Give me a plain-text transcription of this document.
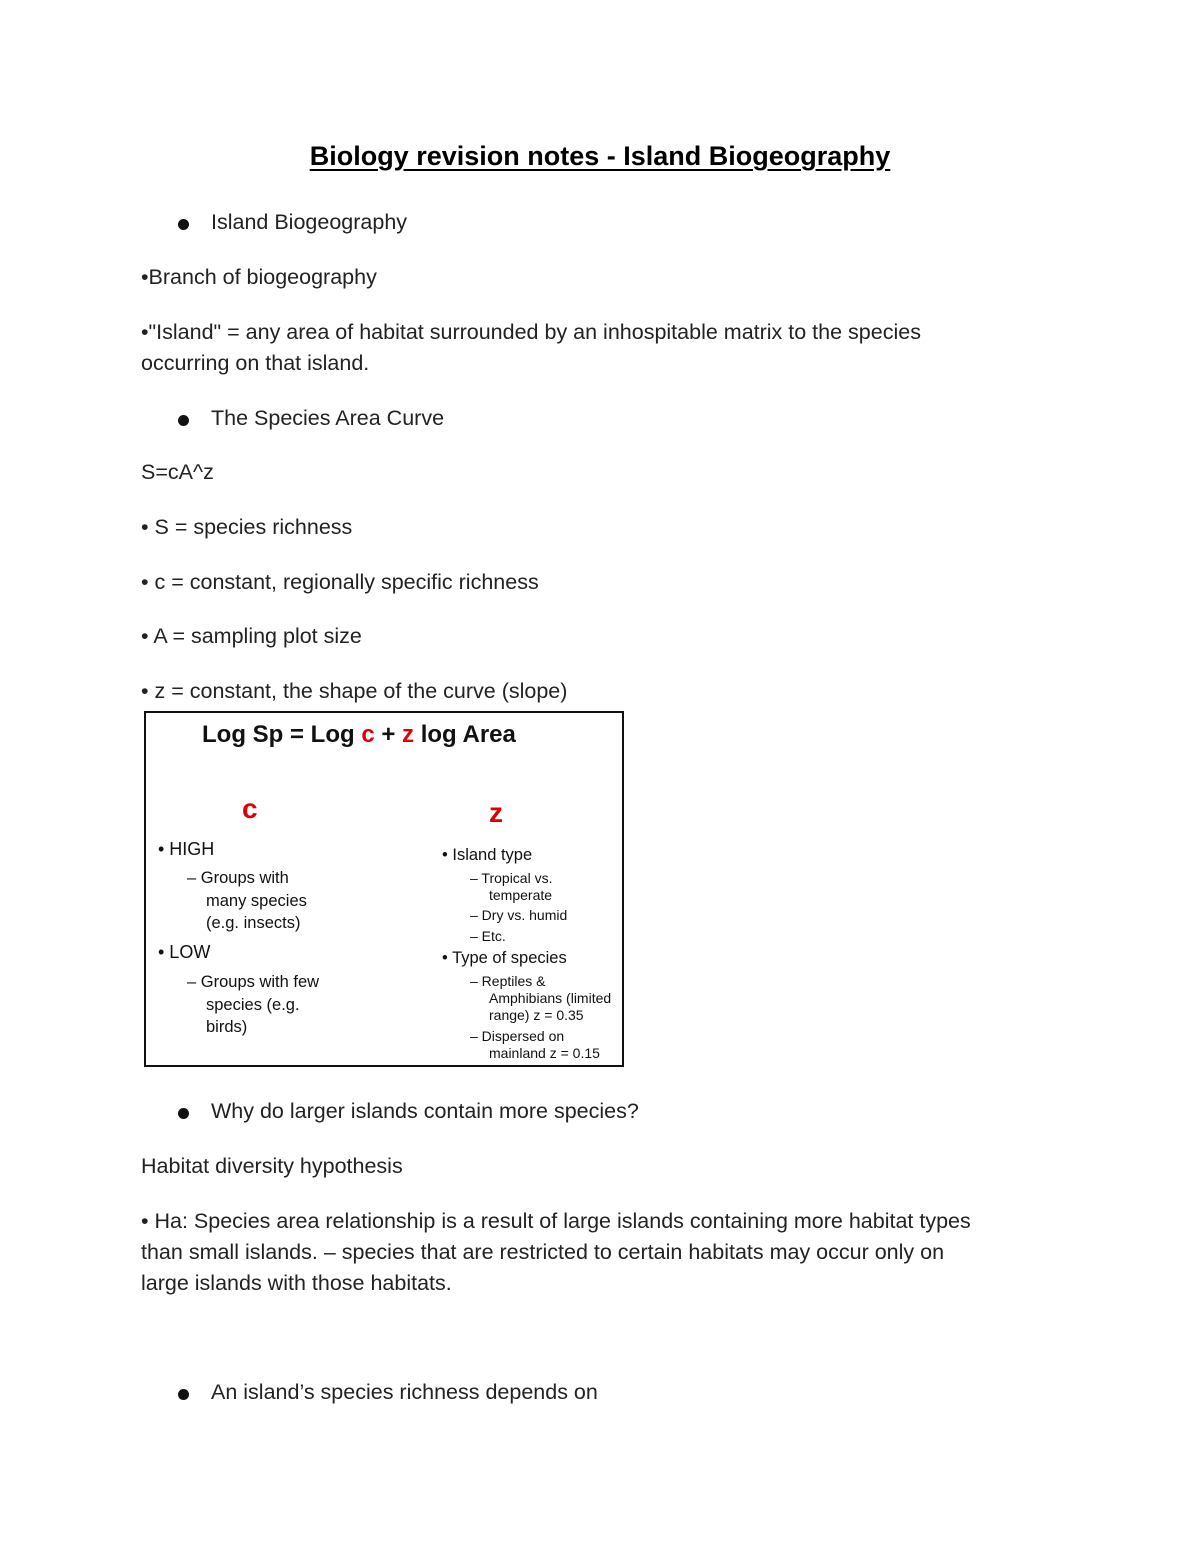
Biology revision notes - Island Biogeography
Island Biogeography
•Branch of biogeography
•"Island" = any area of habitat surrounded by an inhospitable matrix to the species
occurring on that island.
The Species Area Curve
S=cA^z
• S = species richness
• c = constant, regionally specific richness
• A = sampling plot size
• z = constant, the shape of the curve (slope)
Log Sp = Log c + z log Area
c
• HIGH
– Groups with
many species
(e.g. insects)
• LOW
– Groups with few
species (e.g.
birds)
z
• Island type
– Tropical vs.
temperate
– Dry vs. humid
– Etc.
• Type of species
– Reptiles &
Amphibians (limited
range) z = 0.35
– Dispersed on
mainland z = 0.15
Why do larger islands contain more species?
Habitat diversity hypothesis
• Ha: Species area relationship is a result of large islands containing more habitat types
than small islands. – species that are restricted to certain habitats may occur only on
large islands with those habitats.
An island’s species richness depends on
